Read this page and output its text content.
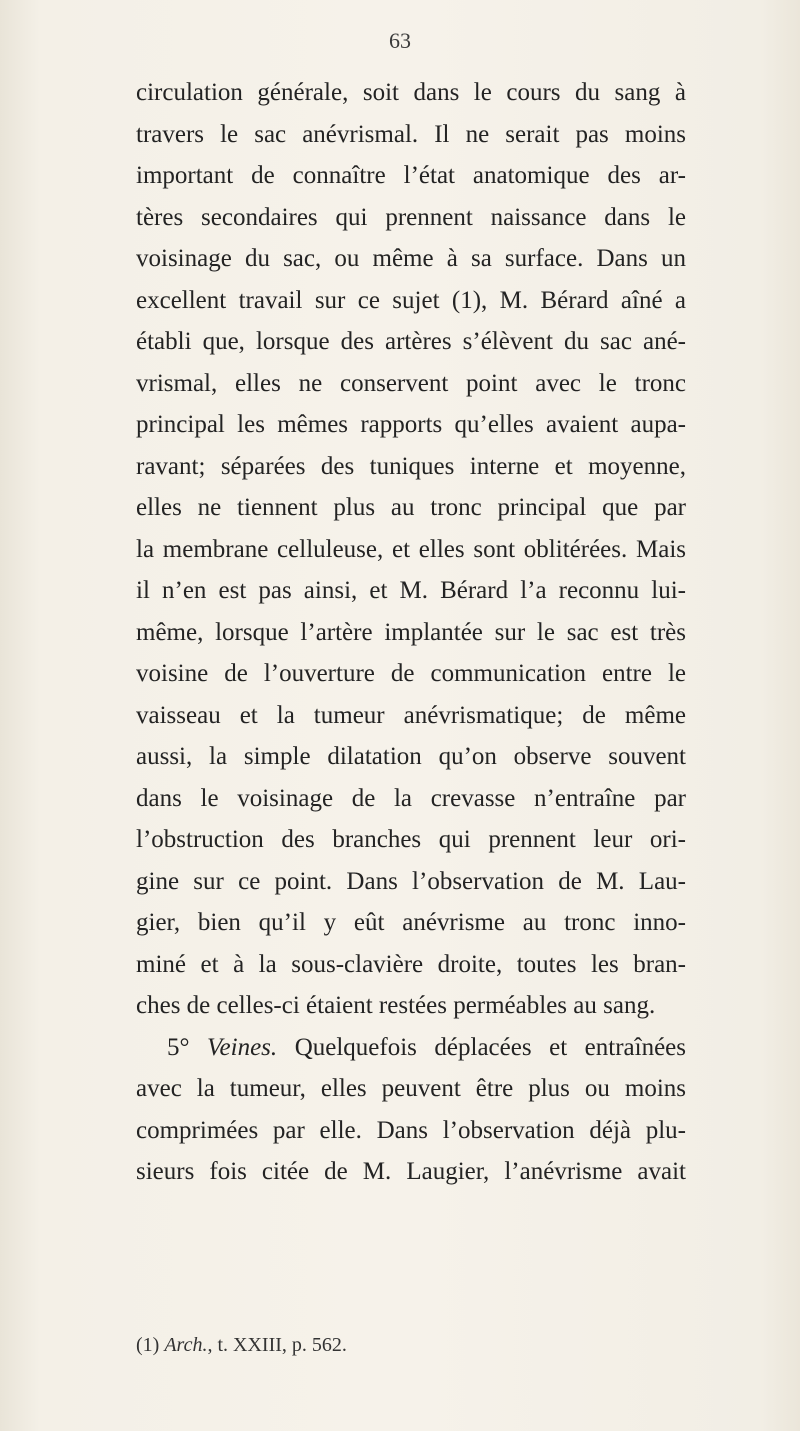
63
circulation générale, soit dans le cours du sang à
travers le sac anévrismal. Il ne serait pas moins
important de connaître l’état anatomique des ar-
tères secondaires qui prennent naissance dans le
voisinage du sac, ou même à sa surface. Dans un
excellent travail sur ce sujet (1), M. Bérard aîné a
établi que, lorsque des artères s’élèvent du sac ané-
vrismal, elles ne conservent point avec le tronc
principal les mêmes rapports qu’elles avaient aupa-
ravant; séparées des tuniques interne et moyenne,
elles ne tiennent plus au tronc principal que par
la membrane celluleuse, et elles sont oblitérées. Mais
il n’en est pas ainsi, et M. Bérard l’a reconnu lui-
même, lorsque l’artère implantée sur le sac est très
voisine de l’ouverture de communication entre le
vaisseau et la tumeur anévrismatique; de même
aussi, la simple dilatation qu’on observe souvent
dans le voisinage de la crevasse n’entraîne par
l’obstruction des branches qui prennent leur ori-
gine sur ce point. Dans l’observation de M. Lau-
gier, bien qu’il y eût anévrisme au tronc inno-
miné et à la sous-clavière droite, toutes les bran-
ches de celles-ci étaient restées perméables au sang.
5° Veines. Quelquefois déplacées et entraînées
avec la tumeur, elles peuvent être plus ou moins
comprimées par elle. Dans l’observation déjà plu-
sieurs fois citée de M. Laugier, l’anévrisme avait
(1) Arch., t. XXIII, p. 562.
